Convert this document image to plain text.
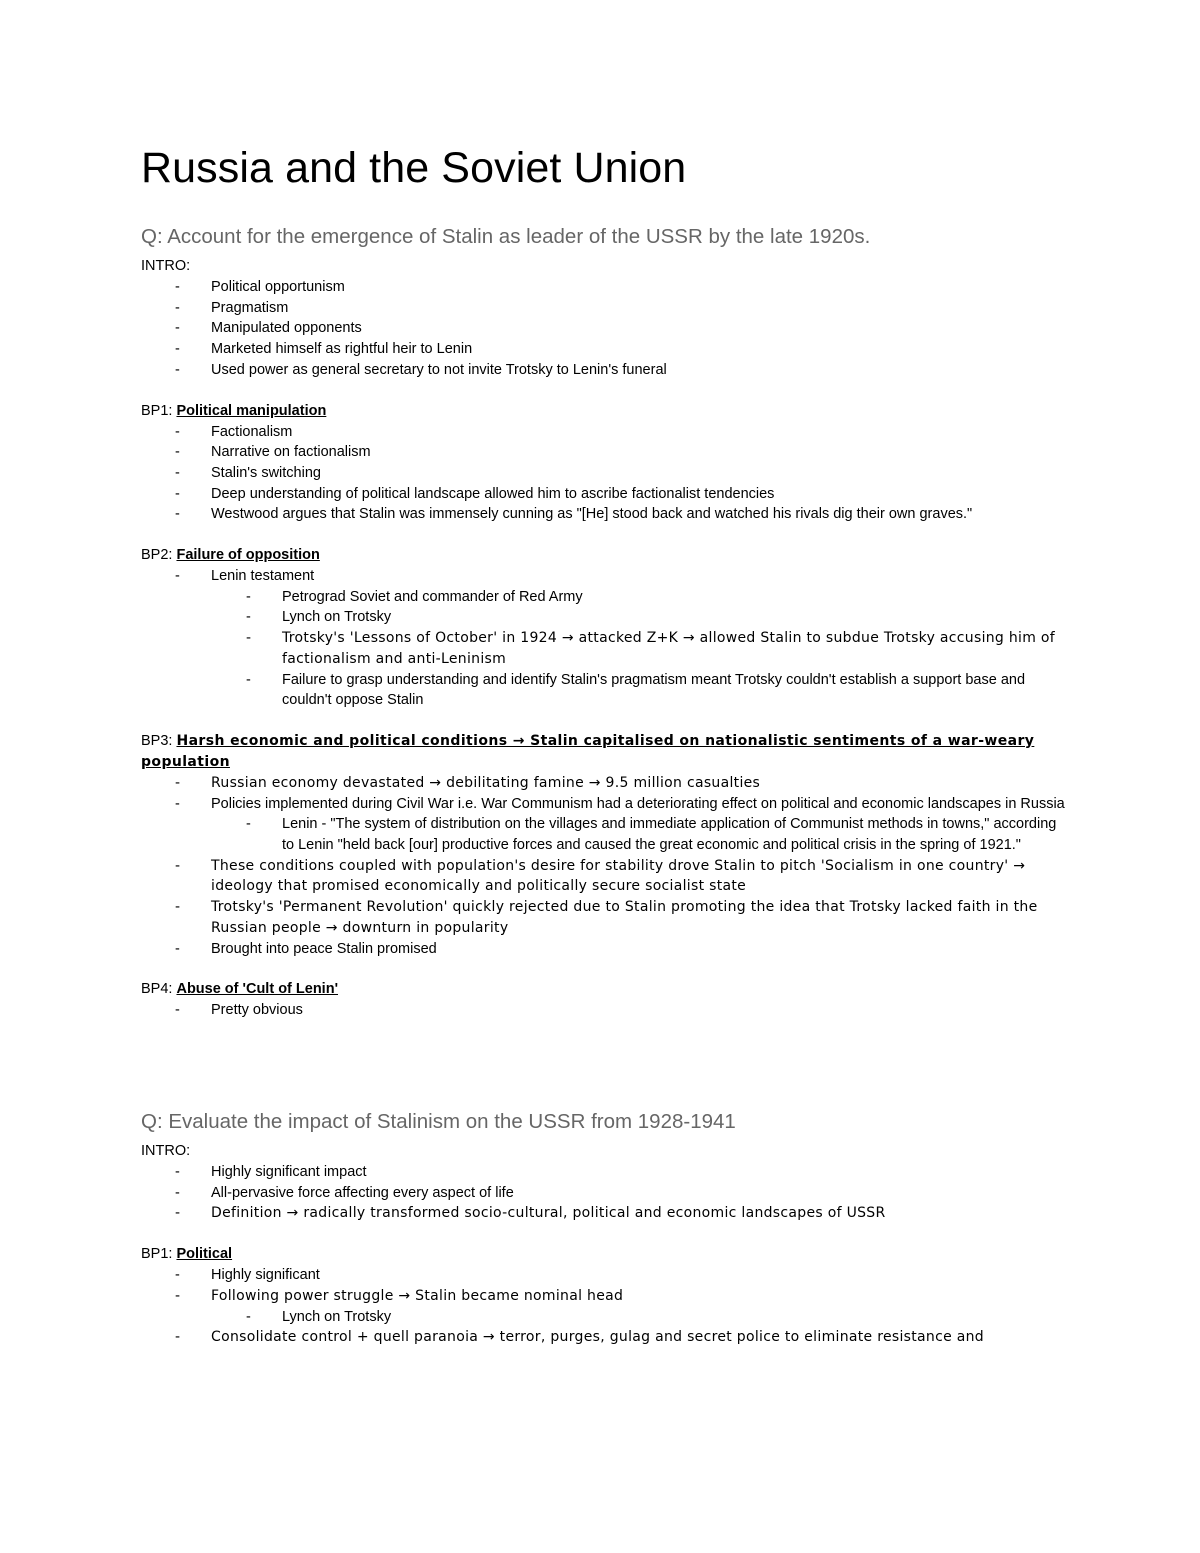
Russia and the Soviet Union
Q: Account for the emergence of Stalin as leader of the USSR by the late 1920s.

INTRO:

- Political opportunism
- Pragmatism
- Manipulated opponents
- Marketed himself as rightful heir to Lenin
- Used power as general secretary to not invite Trotsky to Lenin's funeral

BP1: Political manipulation

- Factionalism
- Narrative on factionalism
- Stalin's switching
- Deep understanding of political landscape allowed him to ascribe factionalist tendencies
- Westwood argues that Stalin was immensely cunning as "[He] stood back and watched his rivals dig their own graves."

BP2: Failure of opposition

- Lenin testament
- Petrograd Soviet and commander of Red Army
- Lynch on Trotsky
- Trotsky's 'Lessons of October' in 1924 → attacked Z+K → allowed Stalin to subdue Trotsky accusing him of factionalism and anti-Leninism
- Failure to grasp understanding and identify Stalin's pragmatism meant Trotsky couldn't establish a support base and couldn't oppose Stalin

BP3: Harsh economic and political conditions → Stalin capitalised on nationalistic sentiments of a war-weary population

- Russian economy devastated → debilitating famine → 9.5 million casualties
- Policies implemented during Civil War i.e. War Communism had a deteriorating effect on political and economic landscapes in Russia
- Lenin - "The system of distribution on the villages and immediate application of Communist methods in towns," according to Lenin "held back [our] productive forces and caused the great economic and political crisis in the spring of 1921."
- These conditions coupled with population's desire for stability drove Stalin to pitch 'Socialism in one country' → ideology that promised economically and politically secure socialist state
- Trotsky's 'Permanent Revolution' quickly rejected due to Stalin promoting the idea that Trotsky lacked faith in the Russian people → downturn in popularity
- Brought into peace Stalin promised

BP4: Abuse of 'Cult of Lenin'

- Pretty obvious
Q: Evaluate the impact of Stalinism on the USSR from 1928-1941

INTRO:

- Highly significant impact
- All-pervasive force affecting every aspect of life
- Definition → radically transformed socio-cultural, political and economic landscapes of USSR

BP1: Political

- Highly significant
- Following power struggle → Stalin became nominal head
- Lynch on Trotsky
- Consolidate control + quell paranoia → terror, purges, gulag and secret police to eliminate resistance and
